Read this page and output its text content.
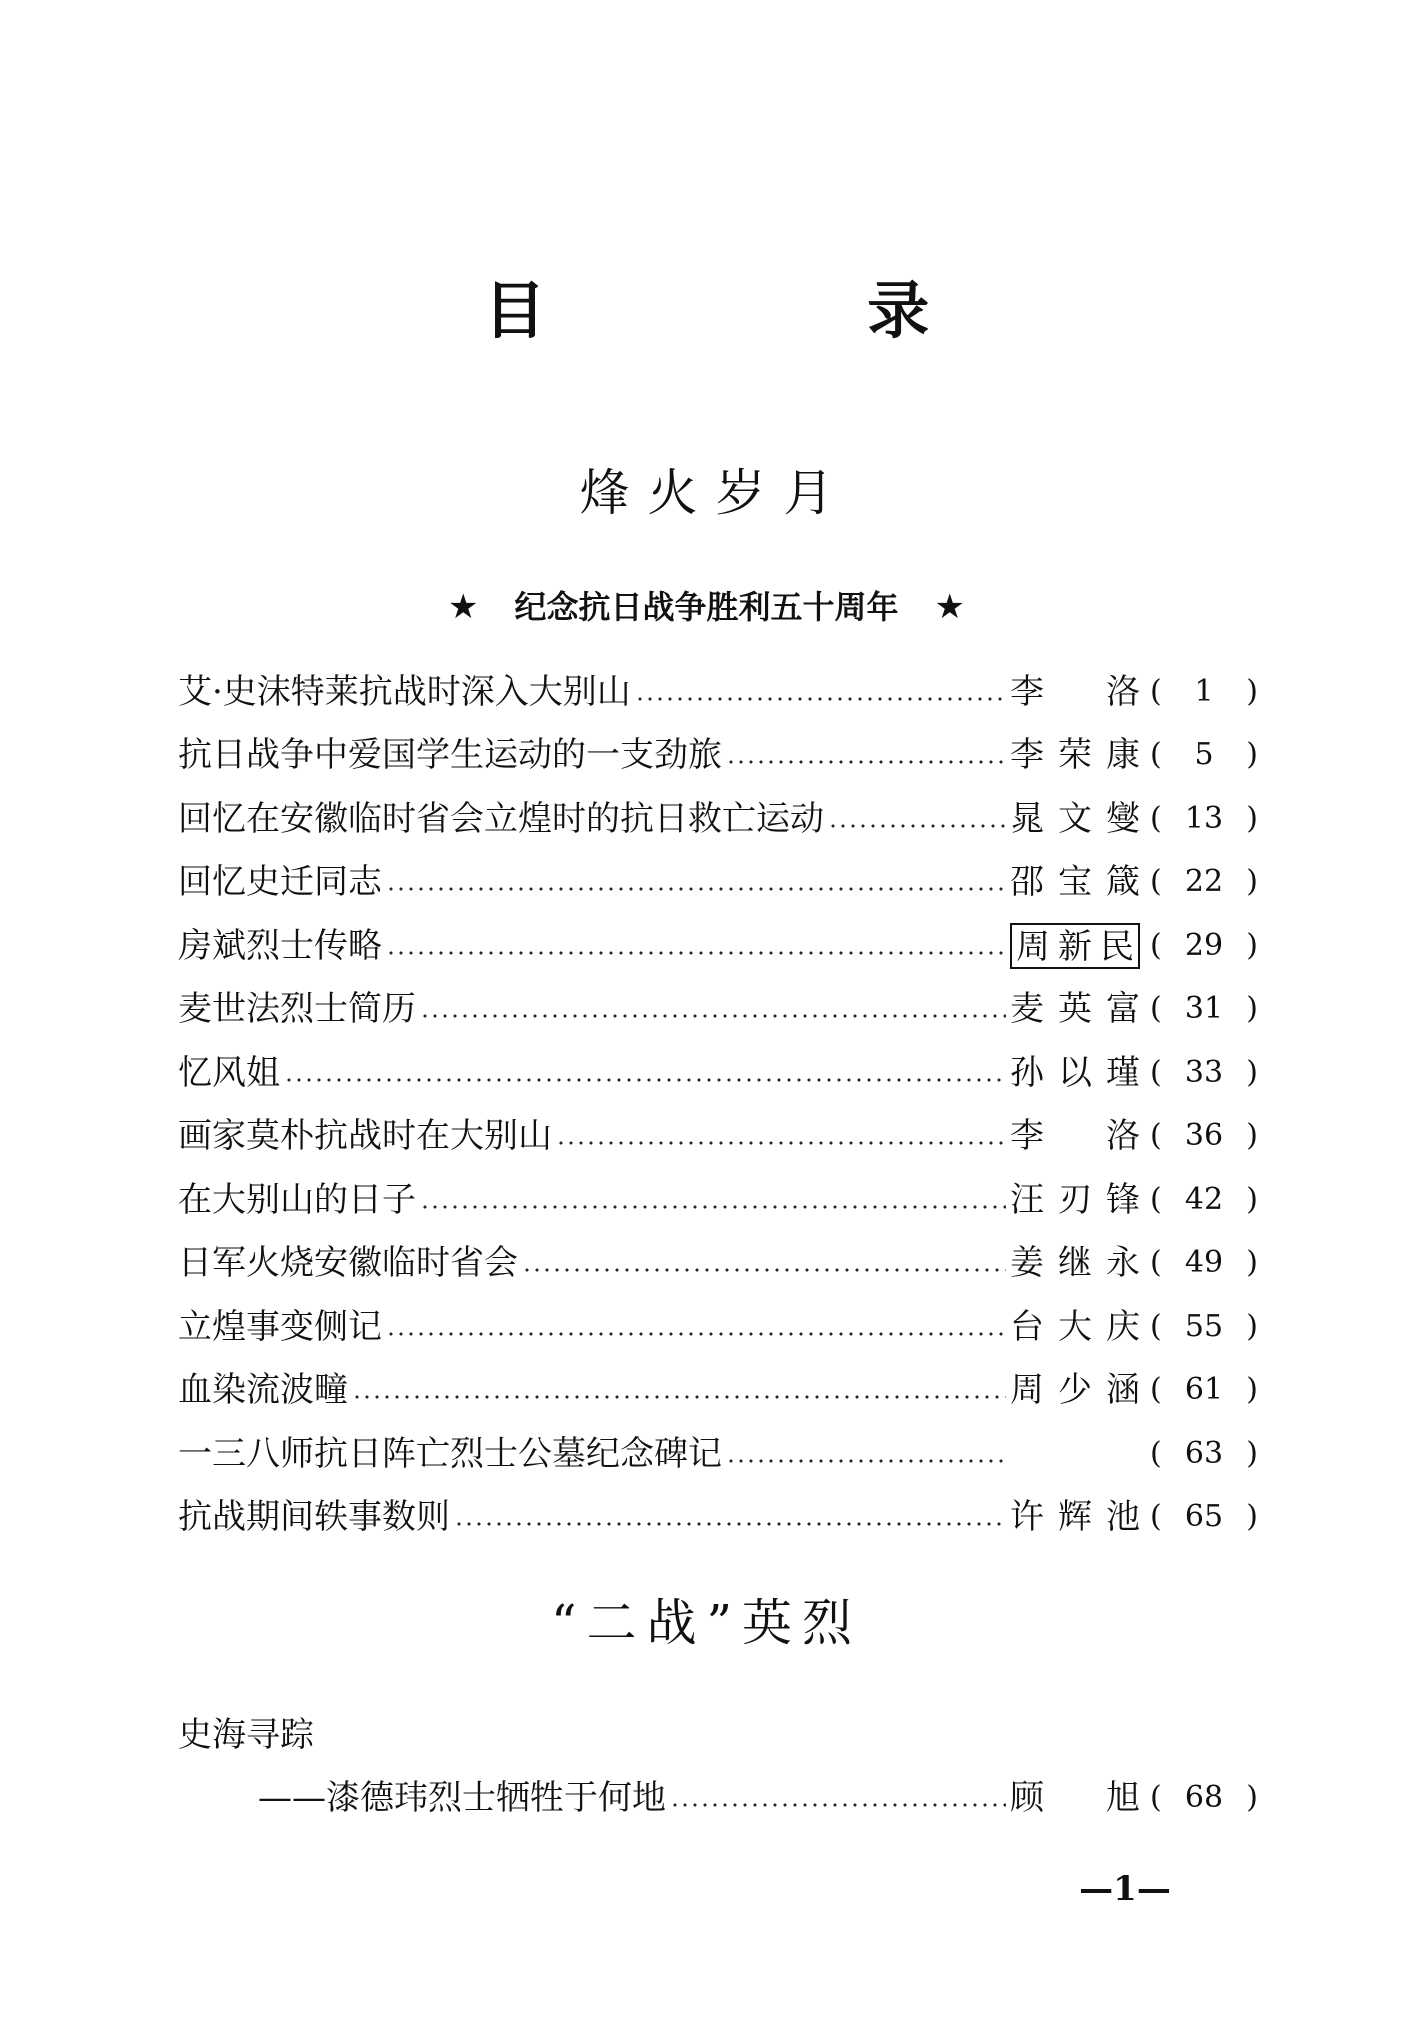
目 录
烽火岁月
★ 纪念抗日战争胜利五十周年 ★
艾·史沫特莱抗战时深入大别山	李 洛 (	1	)
抗日战争中爱国学生运动的一支劲旅	李荣康 (	5	)
回忆在安徽临时省会立煌时的抗日救亡运动	晁文燮 ( 13 )
回忆史迁同志	邵宝箴 ( 22 )
房斌烈士传略	周新民 ( 29 )
麦世法烈士简历	麦英富 ( 31 )
忆风姐	孙以瑾 ( 33 )
画家莫朴抗战时在大别山	李 洛 ( 36 )
在大别山的日子	汪刃锋 ( 42 )
日军火烧安徽临时省会	姜继永 ( 49 )
立煌事变侧记	台大庆 ( 55 )
血染流波疃	周少涵 ( 61 )
一三八师抗日阵亡烈士公墓纪念碑记	( 63 )
抗战期间轶事数则	许辉池 ( 65 )
“二战”英烈
史海寻踪
——漆德玮烈士牺牲于何地	顾 旭 ( 68 )
—1—
